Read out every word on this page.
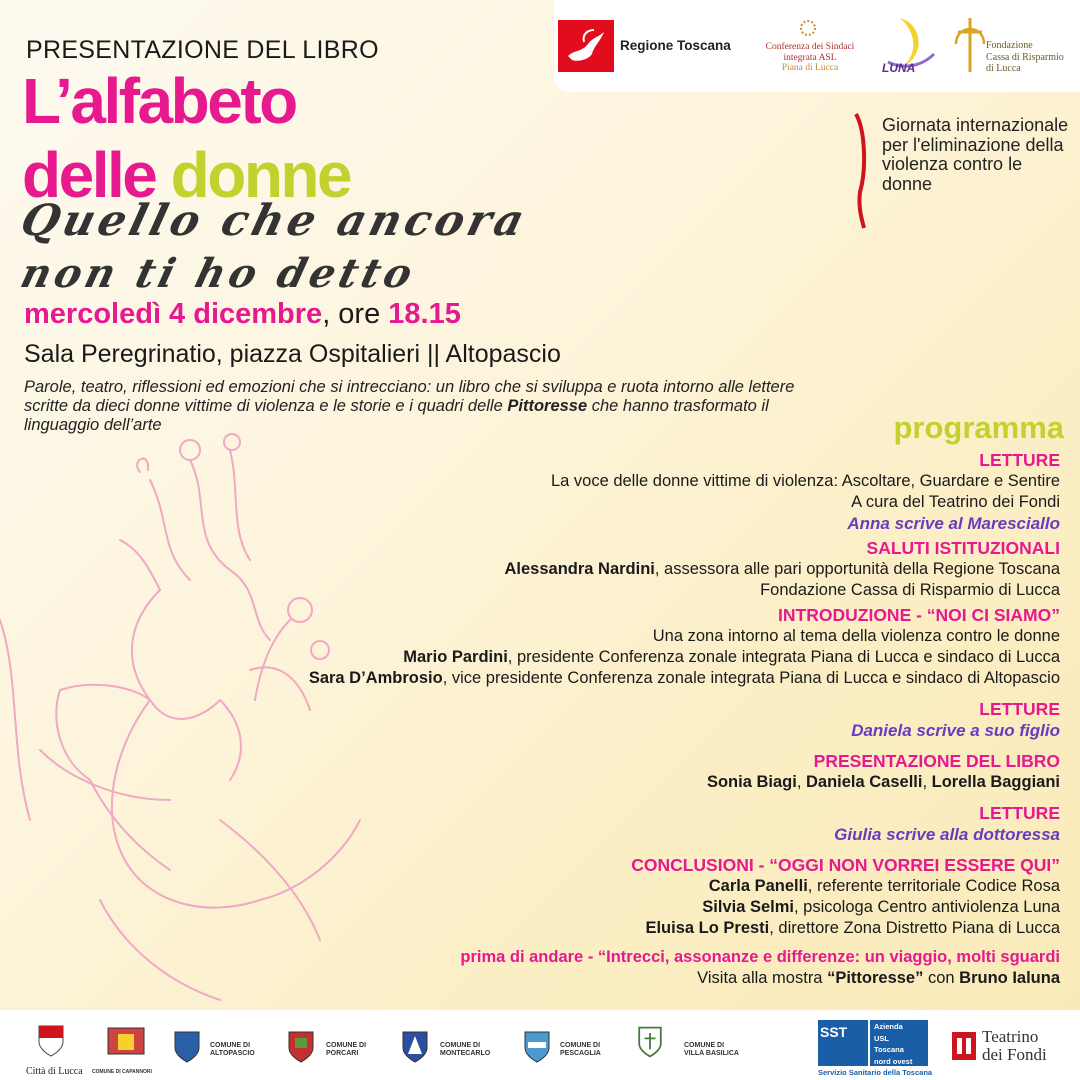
Regione Toscana	Conferenza dei Sindaci
integrata ASL
Piana di Lucca	LUNA
Fondazione
Cassa di Risparmio
di Lucca
PRESENTAZIONE DEL LIBRO
L’alfabeto
delle donne
Quello che ancora
non ti ho detto
mercoledì 4 dicembre, ore 18.15
Sala Peregrinatio, piazza Ospitalieri || Altopascio
Parole, teatro, riflessioni ed emozioni che si intrecciano: un libro che si sviluppa e ruota intorno alle lettere scritte da dieci donne vittime di violenza e le storie e i quadri delle Pittoresse che hanno trasformato il linguaggio dell’arte
Giornata internazionale per l'eliminazione della violenza contro le donne
programma
LETTURE
La voce delle donne vittime di violenza: Ascoltare, Guardare e Sentire
A cura del Teatrino dei Fondi
Anna scrive al Maresciallo
SALUTI ISTITUZIONALI
Alessandra Nardini, assessora alle pari opportunità della Regione Toscana
Fondazione Cassa di Risparmio di Lucca
INTRODUZIONE - “NOI CI SIAMO”
Una zona intorno al tema della violenza contro le donne
Mario Pardini, presidente Conferenza zonale integrata Piana di Lucca e sindaco di Lucca
Sara D’Ambrosio, vice presidente Conferenza zonale integrata Piana di Lucca e sindaco di Altopascio
LETTURE
Daniela scrive a suo figlio
PRESENTAZIONE DEL LIBRO
Sonia Biagi, Daniela Caselli, Lorella Baggiani
LETTURE
Giulia scrive alla dottoressa
CONCLUSIONI - “OGGI NON VORREI ESSERE QUI”
Carla Panelli, referente territoriale Codice Rosa
Silvia Selmi, psicologa Centro antiviolenza Luna
Eluisa Lo Presti, direttore Zona Distretto Piana di Lucca
prima di andare - “Intrecci, assonanze e differenze: un viaggio, molti sguardi
Visita alla mostra “Pittoresse” con Bruno Ialuna
Città di Lucca COMUNE DI CAPANNORI
COMUNE DI
ALTOPASCIO
COMUNE DI
PORCARI
COMUNE DI
MONTECARLO
COMUNE DI
PESCAGLIA
COMUNE DI
VILLA BASILICA
SST	Azienda
USL
Toscana
nord ovest
Servizio Sanitario della Toscana
Teatrino
dei Fondi
